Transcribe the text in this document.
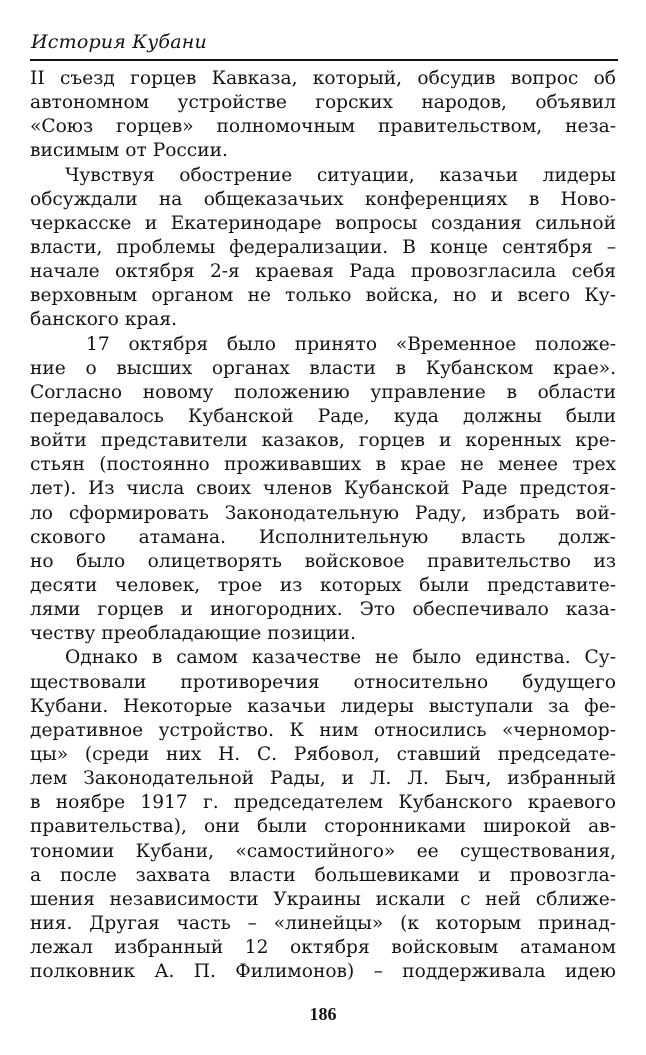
История Кубани
II съезд горцев Кавказа, который, обсудив вопрос об
автономном устройстве горских народов, объявил
«Союз горцев» полномочным правительством, неза-
висимым от России.
Чувствуя обострение ситуации, казачьи лидеры
обсуждали на общеказачьих конференциях в Ново-
черкасске и Екатеринодаре вопросы создания сильной
власти, проблемы федерализации. В конце сентября –
начале октября 2-я краевая Рада провозгласила себя
верховным органом не только войска, но и всего Ку-
банского края.
17 октября было принято «Временное положе-
ние о высших органах власти в Кубанском крае».
Согласно новому положению управление в области
передавалось Кубанской Раде, куда должны были
войти представители казаков, горцев и коренных кре-
стьян (постоянно проживавших в крае не менее трех
лет). Из числа своих членов Кубанской Раде предстоя-
ло сформировать Законодательную Раду, избрать вой-
скового атамана. Исполнительную власть долж-
но было олицетворять войсковое правительство из
десяти человек, трое из которых были представите-
лями горцев и иногородних. Это обеспечивало каза-
честву преобладающие позиции.
Однако в самом казачестве не было единства. Су-
ществовали противоречия относительно будущего
Кубани. Некоторые казачьи лидеры выступали за фе-
деративное устройство. К ним относились «черномор-
цы» (среди них Н. С. Рябовол, ставший председате-
лем Законодательной Рады, и Л. Л. Быч, избранный
в ноябре 1917 г. председателем Кубанского краевого
правительства), они были сторонниками широкой ав-
тономии Кубани, «самостийного» ее существования,
а после захвата власти большевиками и провозгла-
шения независимости Украины искали с ней сближе-
ния. Другая часть – «линейцы» (к которым принад-
лежал избранный 12 октября войсковым атаманом
полковник А. П. Филимонов) – поддерживала идею
186
